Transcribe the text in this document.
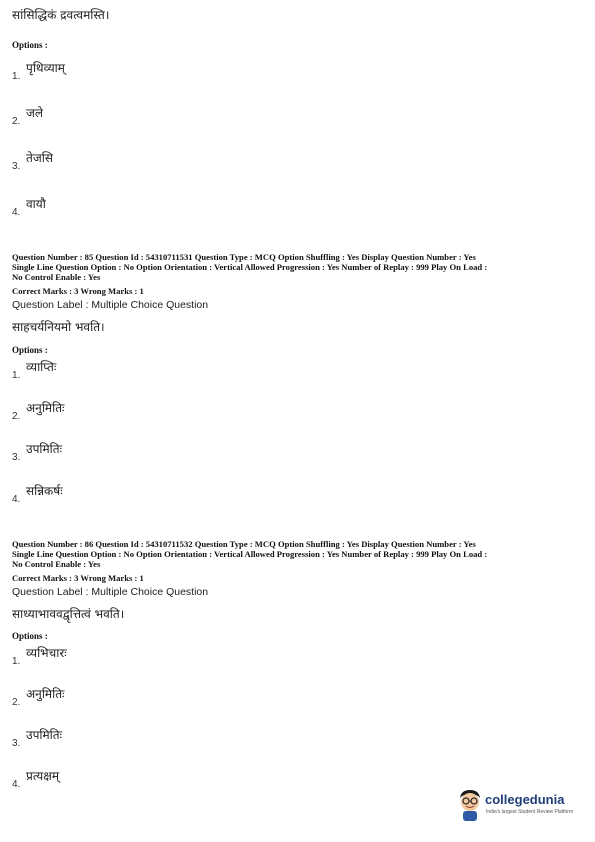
सांसिद्धिकं द्रवत्वमस्ति।
Options :
1.
पृथिव्याम्
2.
जले
3.
तेजसि
4.
वायौ
Question Number : 85 Question Id : 54310711531 Question Type : MCQ Option Shuffling : Yes Display Question Number : Yes
Single Line Question Option : No Option Orientation : Vertical Allowed Progression : Yes Number of Replay : 999 Play On Load :
No Control Enable : Yes
Correct Marks : 3 Wrong Marks : 1
Question Label : Multiple Choice Question
साहचर्यनियमो भवति।
Options :
1.
व्याप्तिः
2.
अनुमितिः
3.
उपमितिः
4.
सन्निकर्षः
Question Number : 86 Question Id : 54310711532 Question Type : MCQ Option Shuffling : Yes Display Question Number : Yes
Single Line Question Option : No Option Orientation : Vertical Allowed Progression : Yes Number of Replay : 999 Play On Load :
No Control Enable : Yes
Correct Marks : 3 Wrong Marks : 1
Question Label : Multiple Choice Question
साध्याभाववद्वृत्तित्वं भवति।
Options :
1.
व्यभिचारः
2.
अनुमितिः
3.
उपमितिः
4.
प्रत्यक्षम्
collegedunia
India's largest Student Review Platform
